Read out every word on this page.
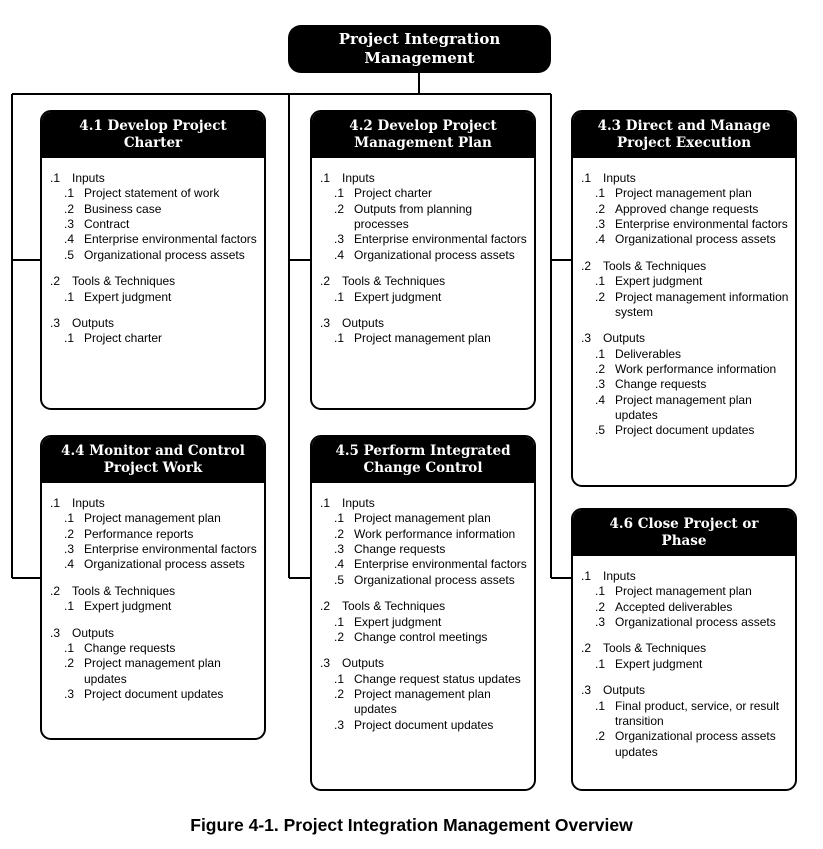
Project Integration Management
4.1 Develop Project Charter
.1 Inputs
.1 Project statement of work
.2 Business case
.3 Contract
.4 Enterprise environmental factors
.5 Organizational process assets
.2 Tools & Techniques
.1 Expert judgment
.3 Outputs
.1 Project charter
4.2 Develop Project Management Plan
.1 Inputs
.1 Project charter
.2 Outputs from planning processes
.3 Enterprise environmental factors
.4 Organizational process assets
.2 Tools & Techniques
.1 Expert judgment
.3 Outputs
.1 Project management plan
4.3 Direct and Manage Project Execution
.1 Inputs
.1 Project management plan
.2 Approved change requests
.3 Enterprise environmental factors
.4 Organizational process assets
.2 Tools & Techniques
.1 Expert judgment
.2 Project management information system
.3 Outputs
.1 Deliverables
.2 Work performance information
.3 Change requests
.4 Project management plan updates
.5 Project document updates
4.4 Monitor and Control Project Work
.1 Inputs
.1 Project management plan
.2 Performance reports
.3 Enterprise environmental factors
.4 Organizational process assets
.2 Tools & Techniques
.1 Expert judgment
.3 Outputs
.1 Change requests
.2 Project management plan updates
.3 Project document updates
4.5 Perform Integrated Change Control
.1 Inputs
.1 Project management plan
.2 Work performance information
.3 Change requests
.4 Enterprise environmental factors
.5 Organizational process assets
.2 Tools & Techniques
.1 Expert judgment
.2 Change control meetings
.3 Outputs
.1 Change request status updates
.2 Project management plan updates
.3 Project document updates
4.6 Close Project or Phase
.1 Inputs
.1 Project management plan
.2 Accepted deliverables
.3 Organizational process assets
.2 Tools & Techniques
.1 Expert judgment
.3 Outputs
.1 Final product, service, or result transition
.2 Organizational process assets updates
Figure 4-1. Project Integration Management Overview
